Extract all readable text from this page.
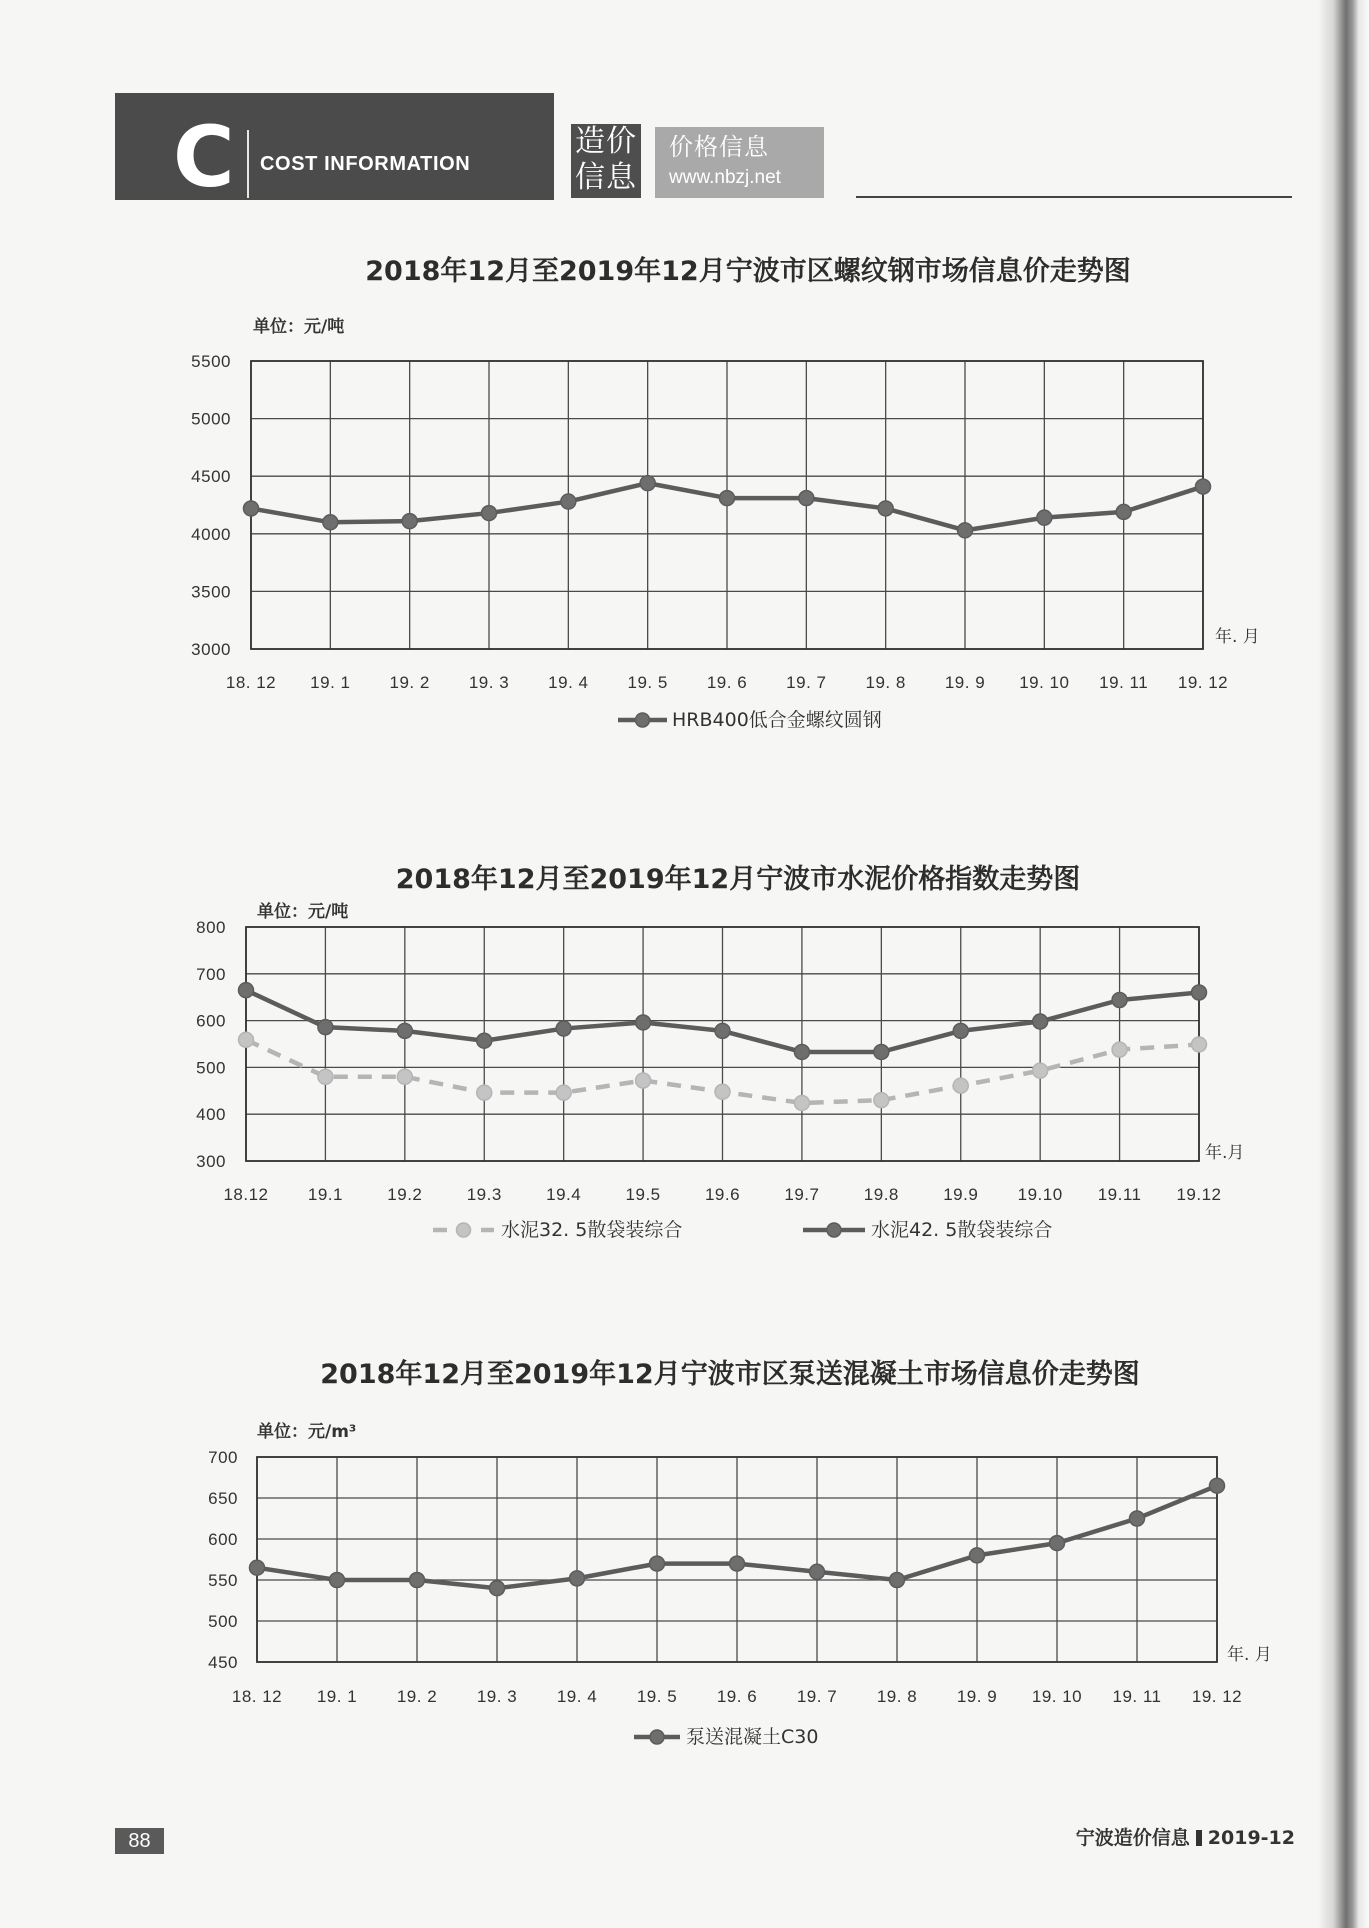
C COST INFORMATION
造价
信息
价格信息
www.nbzj.net
2018年12月至2019年12月宁波市区螺纹钢市场信息价走势图
单位：元/吨
3000
3500
4000
4500
5000
5500
18. 12 19. 1 19. 2 19. 3 19. 4 19. 5 19. 6 19. 7 19. 8 19. 9 19. 10 19. 11 19. 12
年. 月
HRB400低合金螺纹圆钢
2018年12月至2019年12月宁波市水泥价格指数走势图
单位：元/吨
300
400
500
600
700
800
18.12 19.1	19.2	19.3	19.4	19.5	19.6	19.7	19.8	19.9 19.10 19.11 19.12
年.月
水泥32. 5散袋装综合	水泥42. 5散袋装综合
2018年12月至2019年12月宁波市区泵送混凝土市场信息价走势图
单位：元/m³
450
500
550
600
650
700
18. 12 19. 1 19. 2 19. 3 19. 4 19. 5 19. 6 19. 7 19. 8 19. 9 19. 10 19. 11 19. 12
年. 月
泵送混凝土C30
88	宁波造价信息 2019-12
